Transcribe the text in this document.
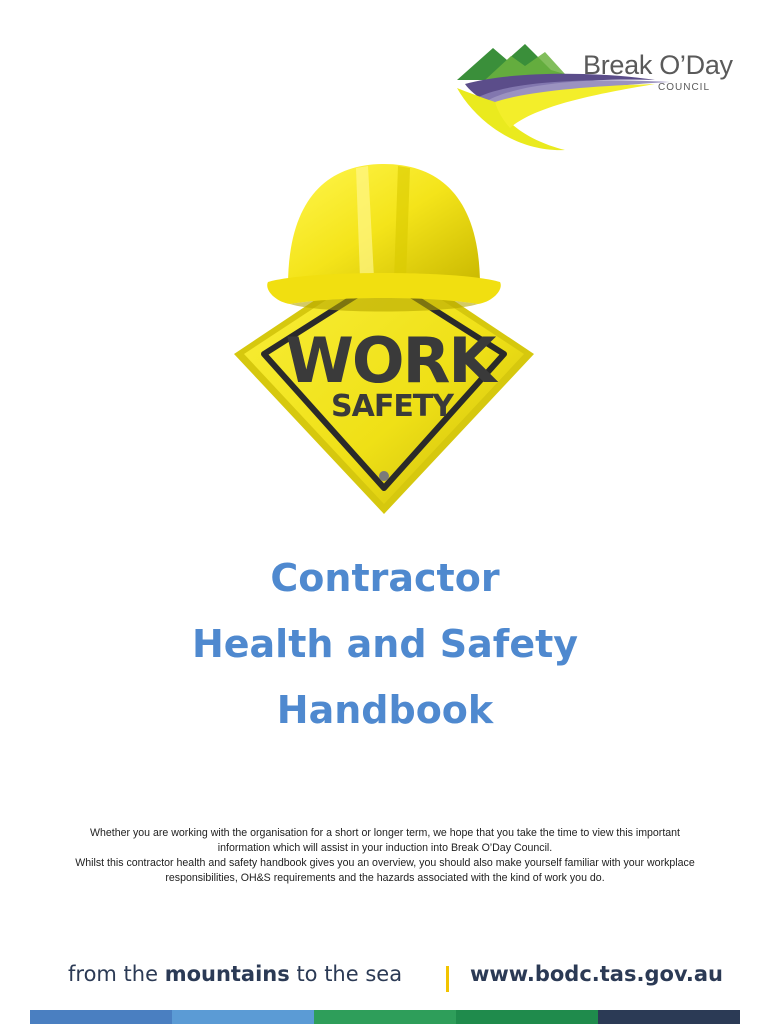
Break O’Day
COUNCIL
WORK
SAFETY
Contractor
Health and Safety
Handbook

Whether you are working with the organisation for a short or longer term, we hope that you take the time to view this important information which will assist in your induction into Break O’Day Council.

Whilst this contractor health and safety handbook gives you an overview, you should also make yourself familiar with your workplace responsibilities, OH&S requirements and the hazards associated with the kind of work you do.

from the mountains to the sea	www.bodc.tas.gov.au
